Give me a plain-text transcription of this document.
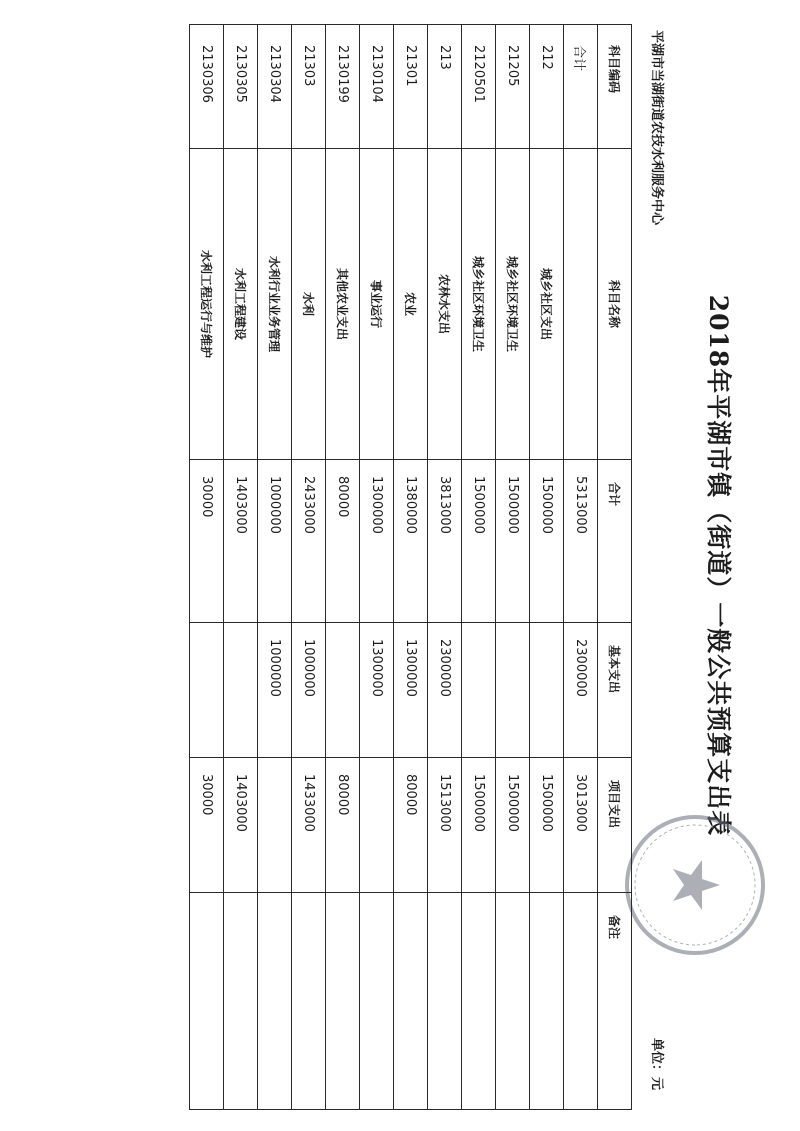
2018年平湖市镇（街道）一般公共预算支出表
平湖市当湖街道农技水利服务中心
单位：元
科目编码	科目名称	合计	基本支出	项目支出	备注
合计		5313000	2300000	3013000	
212	城乡社区支出	1500000		1500000	
21205	城乡社区环境卫生	1500000		1500000	
2120501	城乡社区环境卫生	1500000		1500000	
213	农林水支出	3813000	2300000	1513000	
21301	农业	1380000	1300000	80000	
2130104	事业运行	1300000	1300000		
2130199	其他农业支出	80000		80000	
21303	水利	2433000	1000000	1433000	
2130304	水利行业业务管理	1000000	1000000		
2130305	水利工程建设	1403000		1403000	
2130306	水利工程运行与维护	30000		30000	
